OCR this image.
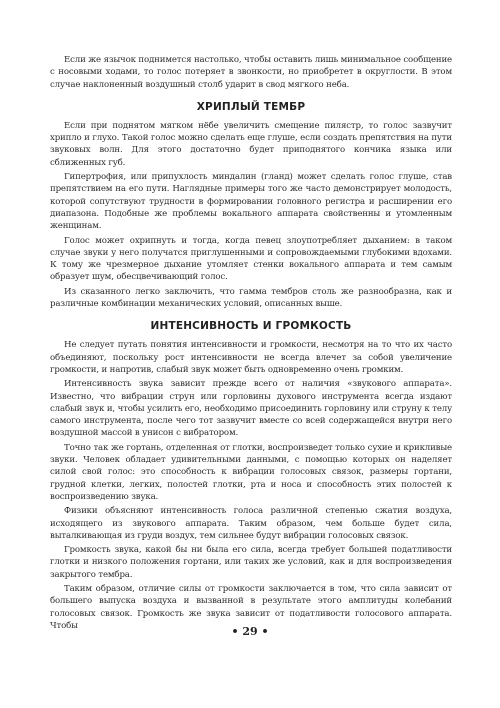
Если же язычок поднимется настолько, чтобы оставить лишь минимальное сообщение с носовыми ходами, то голос потеряет в звонкости, но приобретет в округлости. В этом случае наклоненный воздушный столб ударит в свод мягкого неба.

ХРИПЛЫЙ ТЕМБР

Если при поднятом мягком нёбе увеличить смещение пилястр, то голос зазвучит хрипло и глухо. Такой голос можно сделать еще глуше, если создать препятствия на пути звуковых волн. Для этого достаточно будет приподнятого кончика языка или сближенных губ.

Гипертрофия, или припухлость миндалин (гланд) может сделать голос глуше, став препятствием на его пути. Наглядные примеры того же часто демонстрирует молодость, которой сопутствуют трудности в формировании головного регистра и расширении его диапазона. Подобные же проблемы вокального аппарата свойственны и утомленным женщинам.

Голос может охрипнуть и тогда, когда певец злоупотребляет дыханием: в таком случае звуки у него получатся приглушенными и сопровождаемыми глубокими вдохами. К тому же чрезмерное дыхание утомляет стенки вокального аппарата и тем самым образует шум, обесцвечивающий голос.

Из сказанного легко заключить, что гамма тембров столь же разнообразна, как и различные комбинации механических условий, описанных выше.

ИНТЕНСИВНОСТЬ И ГРОМКОСТЬ

Не следует путать понятия интенсивности и громкости, несмотря на то что их часто объединяют, поскольку рост интенсивности не всегда влечет за собой увеличение громкости, и напротив, слабый звук может быть одновременно очень громким.

Интенсивность звука зависит прежде всего от наличия «звукового аппарата». Известно, что вибрации струн или горловины духового инструмента всегда издают слабый звук и, чтобы усилить его, необходимо присоединить горловину или струну к телу самого инструмента, после чего тот зазвучит вместе со всей содержащейся внутри него воздушной массой в унисон с вибратором.

Точно так же гортань, отделенная от глотки, воспроизведет только сухие и крикливые звуки. Человек обладает удивительными данными, с помощью которых он наделяет силой свой голос: это способность к вибрации голосовых связок, размеры гортани, грудной клетки, легких, полостей глотки, рта и носа и способность этих полостей к воспроизведению звука.

Физики объясняют интенсивность голоса различной степенью сжатия воздуха, исходящего из звукового аппарата. Таким образом, чем больше будет сила, выталкивающая из груди воздух, тем сильнее будут вибрации голосовых связок.

Громкость звука, какой бы ни была его сила, всегда требует большей податливости глотки и низкого положения гортани, или таких же условий, как и для воспроизведения закрытого тембра.

Таким образом, отличие силы от громкости заключается в том, что сила зависит от большего выпуска воздуха и вызванной в результате этого амплитуды колебаний голосовых связок. Громкость же звука зависит от податливости голосового аппарата. Чтобы	• 29 •
